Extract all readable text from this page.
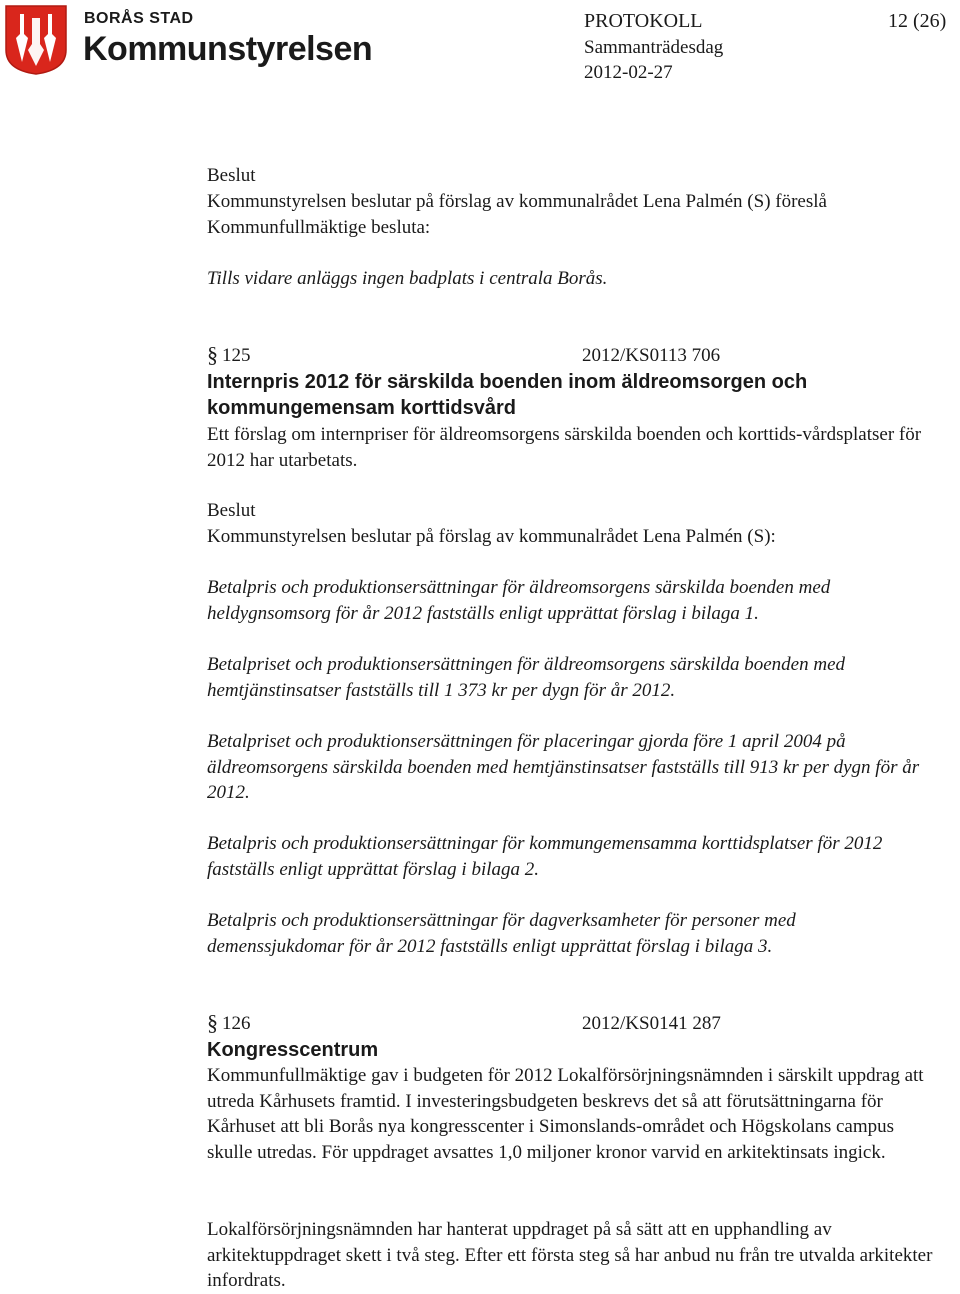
BORÅS STAD
Kommunstyrelsen
PROTOKOLL	12 (26)
Sammanträdesdag
2012-02-27
Beslut
Kommunstyrelsen beslutar på förslag av kommunalrådet Lena Palmén (S) föreslå Kommunfullmäktige besluta:
Tills vidare anläggs ingen badplats i centrala Borås.
§ 125	2012/KS0113 706
Internpris 2012 för särskilda boenden inom äldreomsorgen och kommungemensam korttidsvård
Ett förslag om internpriser för äldreomsorgens särskilda boenden och korttids-vårdsplatser för 2012 har utarbetats.
Beslut
Kommunstyrelsen beslutar på förslag av kommunalrådet Lena Palmén (S):
Betalpris och produktionsersättningar för äldreomsorgens särskilda boenden med heldygnsomsorg för år 2012 fastställs enligt upprättat förslag i bilaga 1.
Betalpriset och produktionsersättningen för äldreomsorgens särskilda boenden med hemtjänstinsatser fastställs till 1 373 kr per dygn för år 2012.
Betalpriset och produktionsersättningen för placeringar gjorda före 1 april 2004 på äldreomsorgens särskilda boenden med hemtjänstinsatser fastställs till 913 kr per dygn för år 2012.
Betalpris och produktionsersättningar för kommungemensamma korttidsplatser för 2012 fastställs enligt upprättat förslag i bilaga 2.
Betalpris och produktionsersättningar för dagverksamheter för personer med demenssjukdomar för år 2012 fastställs enligt upprättat förslag i bilaga 3.
§ 126	2012/KS0141 287
Kongresscentrum
Kommunfullmäktige gav i budgeten för 2012 Lokalförsörjningsnämnden i särskilt uppdrag att utreda Kårhusets framtid. I investeringsbudgeten beskrevs det så att förutsättningarna för Kårhuset att bli Borås nya kongresscenter i Simonslands-området och Högskolans campus skulle utredas. För uppdraget avsattes 1,0 miljoner kronor varvid en arkitektinsats ingick.
Lokalförsörjningsnämnden har hanterat uppdraget på så sätt att en upphandling av arkitektuppdraget skett i två steg. Efter ett första steg så har anbud nu från tre utvalda arkitekter infordrats.
